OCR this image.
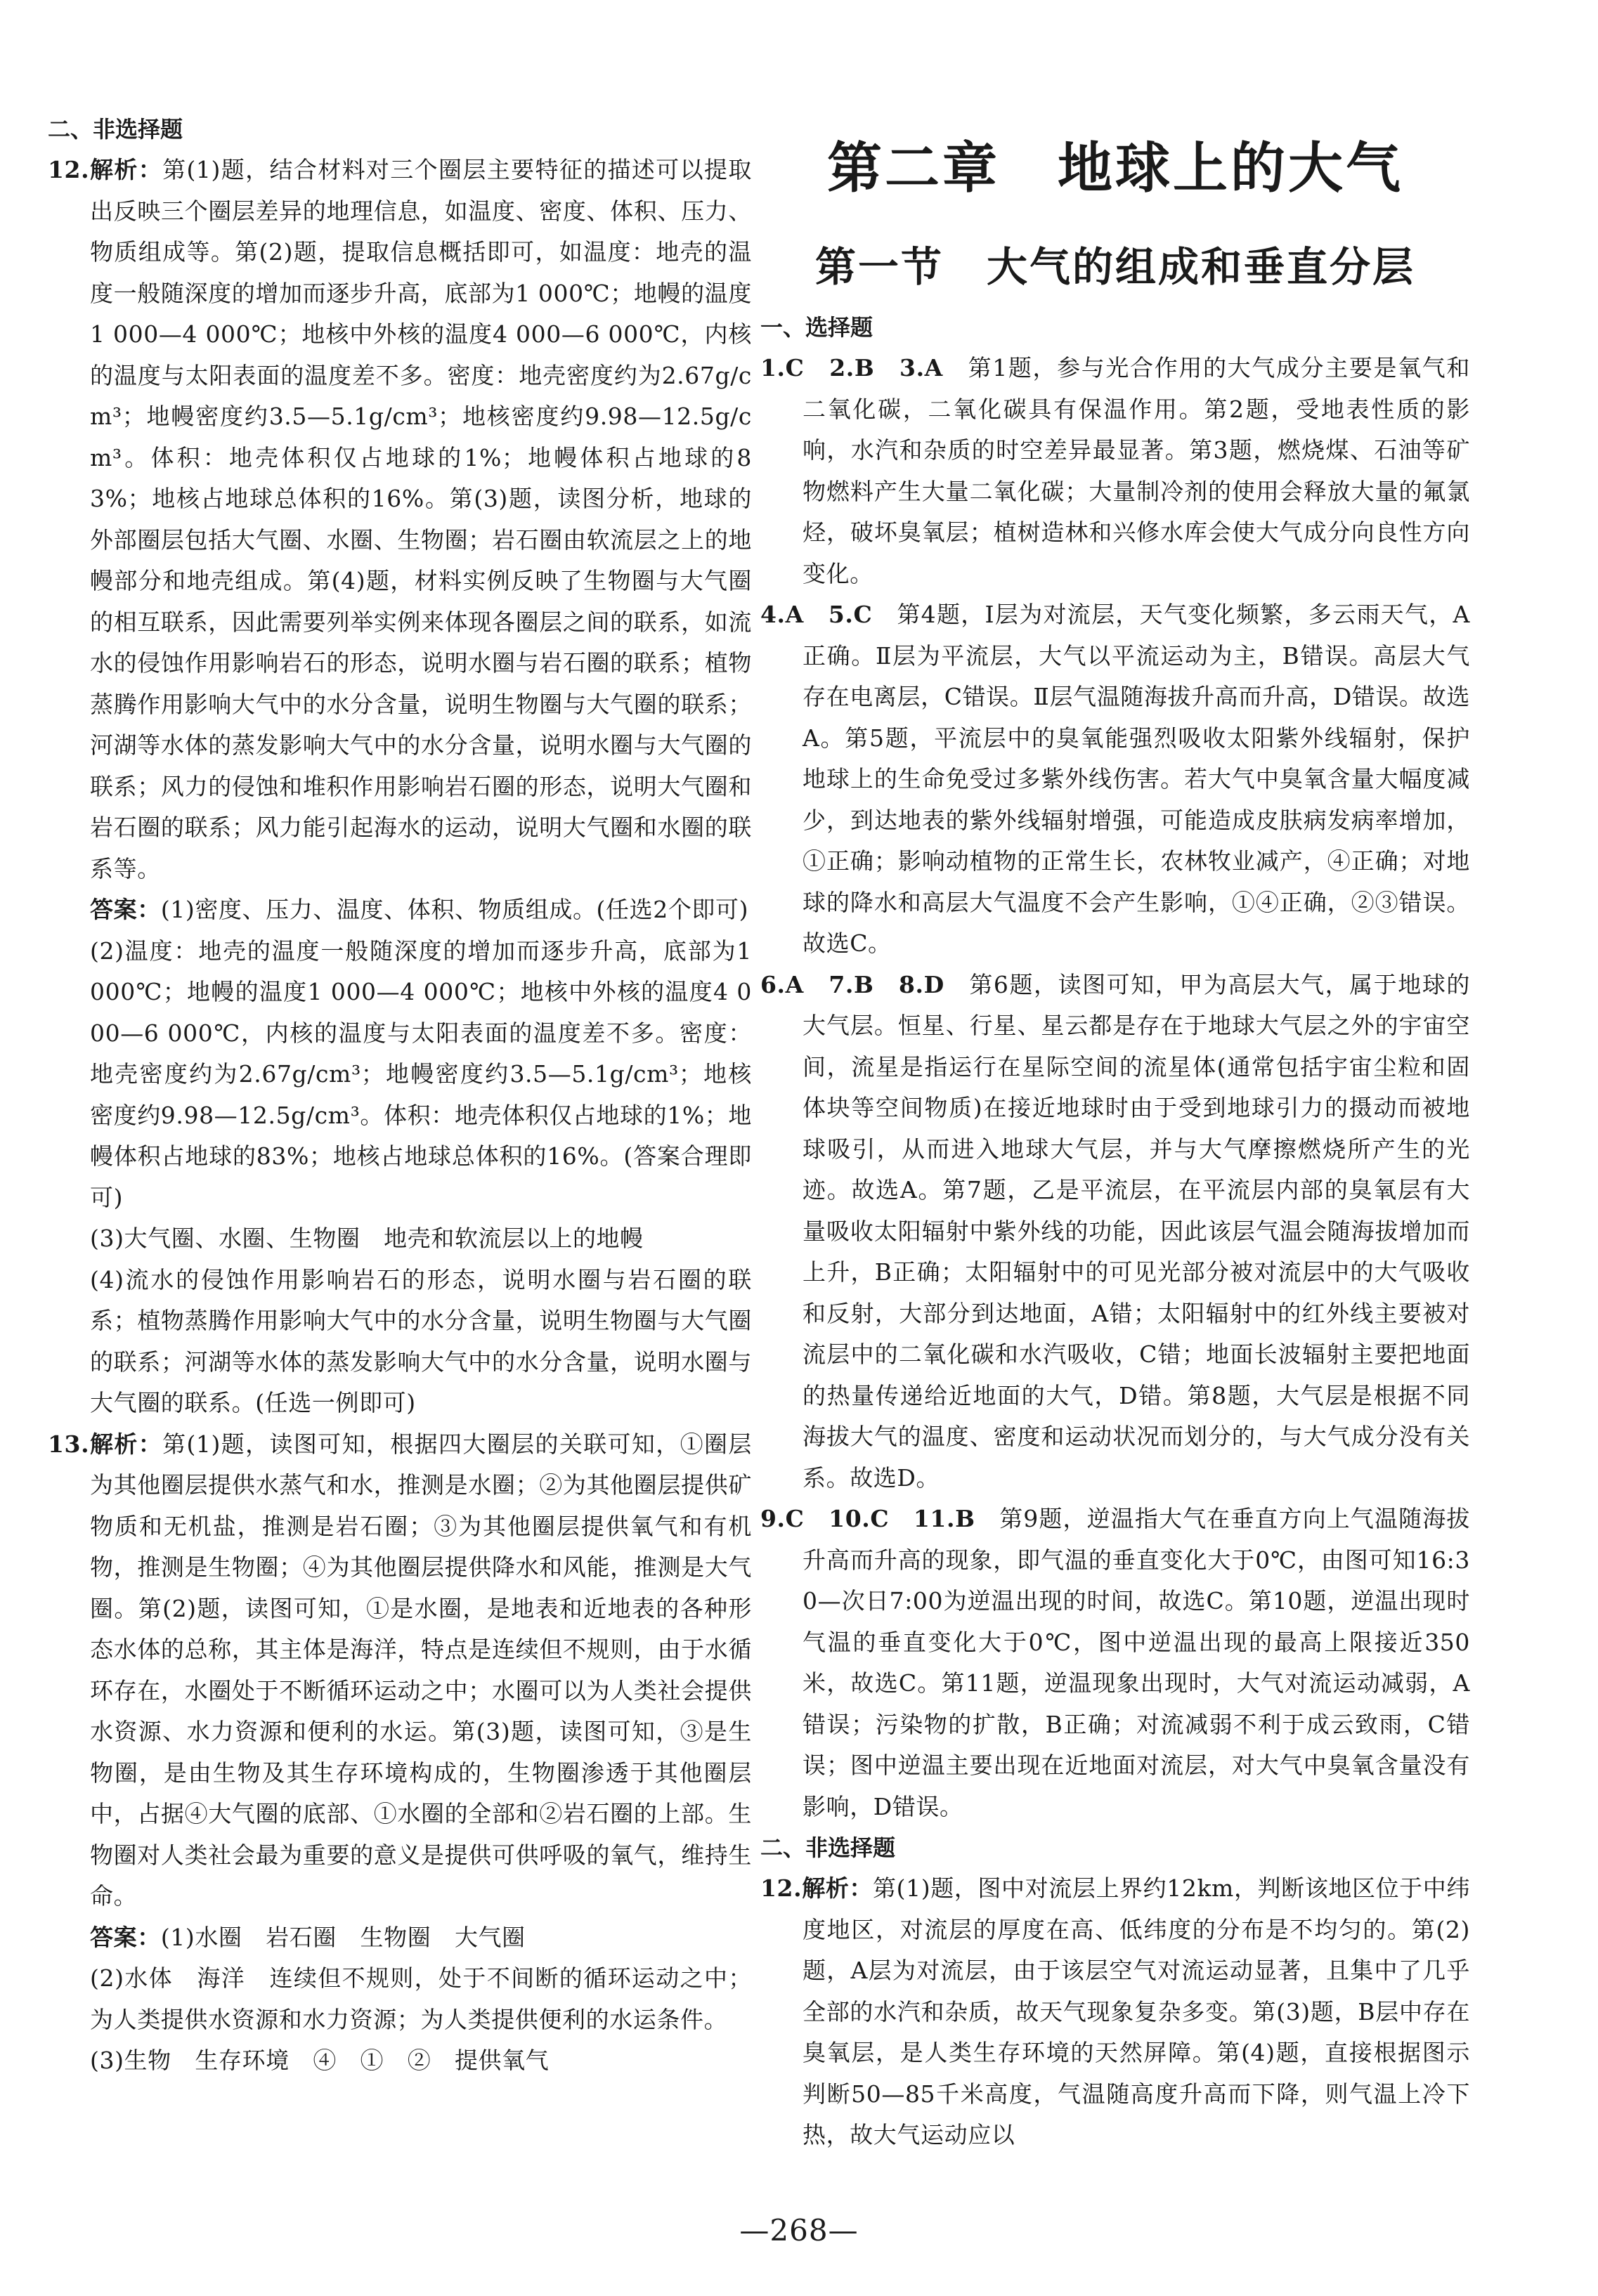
二、非选择题

12.解析：第(1)题，结合材料对三个圈层主要特征的描述可以提取出反映三个圈层差异的地理信息，如温度、密度、体积、压力、物质组成等。第(2)题，提取信息概括即可，如温度：地壳的温度一般随深度的增加而逐步升高，底部为1 000℃；地幔的温度1 000—4 000℃；地核中外核的温度4 000—6 000℃，内核的温度与太阳表面的温度差不多。密度：地壳密度约为2.67g/cm³；地幔密度约3.5—5.1g/cm³；地核密度约9.98—12.5g/cm³。体积：地壳体积仅占地球的1%；地幔体积占地球的83%；地核占地球总体积的16%。第(3)题，读图分析，地球的外部圈层包括大气圈、水圈、生物圈；岩石圈由软流层之上的地幔部分和地壳组成。第(4)题，材料实例反映了生物圈与大气圈的相互联系，因此需要列举实例来体现各圈层之间的联系，如流水的侵蚀作用影响岩石的形态，说明水圈与岩石圈的联系；植物蒸腾作用影响大气中的水分含量，说明生物圈与大气圈的联系；河湖等水体的蒸发影响大气中的水分含量，说明水圈与大气圈的联系；风力的侵蚀和堆积作用影响岩石圈的形态，说明大气圈和岩石圈的联系；风力能引起海水的运动，说明大气圈和水圈的联系等。

答案：(1)密度、压力、温度、体积、物质组成。(任选2个即可)

(2)温度：地壳的温度一般随深度的增加而逐步升高，底部为1 000℃；地幔的温度1 000—4 000℃；地核中外核的温度4 000—6 000℃，内核的温度与太阳表面的温度差不多。密度：地壳密度约为2.67g/cm³；地幔密度约3.5—5.1g/cm³；地核密度约9.98—12.5g/cm³。体积：地壳体积仅占地球的1%；地幔体积占地球的83%；地核占地球总体积的16%。(答案合理即可)

(3)大气圈、水圈、生物圈　地壳和软流层以上的地幔

(4)流水的侵蚀作用影响岩石的形态，说明水圈与岩石圈的联系；植物蒸腾作用影响大气中的水分含量，说明生物圈与大气圈的联系；河湖等水体的蒸发影响大气中的水分含量，说明水圈与大气圈的联系。(任选一例即可)

13.解析：第(1)题，读图可知，根据四大圈层的关联可知，①圈层为其他圈层提供水蒸气和水，推测是水圈；②为其他圈层提供矿物质和无机盐，推测是岩石圈；③为其他圈层提供氧气和有机物，推测是生物圈；④为其他圈层提供降水和风能，推测是大气圈。第(2)题，读图可知，①是水圈，是地表和近地表的各种形态水体的总称，其主体是海洋，特点是连续但不规则，由于水循环存在，水圈处于不断循环运动之中；水圈可以为人类社会提供水资源、水力资源和便利的水运。第(3)题，读图可知，③是生物圈，是由生物及其生存环境构成的，生物圈渗透于其他圈层中，占据④大气圈的底部、①水圈的全部和②岩石圈的上部。生物圈对人类社会最为重要的意义是提供可供呼吸的氧气，维持生命。

答案：(1)水圈　岩石圈　生物圈　大气圈

(2)水体　海洋　连续但不规则，处于不间断的循环运动之中；为人类提供水资源和水力资源；为人类提供便利的水运条件。

(3)生物　生存环境　④　①　②　提供氧气

第二章　地球上的大气
第一节　大气的组成和垂直分层

一、选择题

1.C　2.B　3.A　第1题，参与光合作用的大气成分主要是氧气和二氧化碳，二氧化碳具有保温作用。第2题，受地表性质的影响，水汽和杂质的时空差异最显著。第3题，燃烧煤、石油等矿物燃料产生大量二氧化碳；大量制冷剂的使用会释放大量的氟氯烃，破坏臭氧层；植树造林和兴修水库会使大气成分向良性方向变化。

4.A　5.C　第4题，Ⅰ层为对流层，天气变化频繁，多云雨天气，A正确。Ⅱ层为平流层，大气以平流运动为主，B错误。高层大气存在电离层，C错误。Ⅱ层气温随海拔升高而升高，D错误。故选A。第5题，平流层中的臭氧能强烈吸收太阳紫外线辐射，保护地球上的生命免受过多紫外线伤害。若大气中臭氧含量大幅度减少，到达地表的紫外线辐射增强，可能造成皮肤病发病率增加，①正确；影响动植物的正常生长，农林牧业减产，④正确；对地球的降水和高层大气温度不会产生影响，①④正确，②③错误。故选C。

6.A　7.B　8.D　第6题，读图可知，甲为高层大气，属于地球的大气层。恒星、行星、星云都是存在于地球大气层之外的宇宙空间，流星是指运行在星际空间的流星体(通常包括宇宙尘粒和固体块等空间物质)在接近地球时由于受到地球引力的摄动而被地球吸引，从而进入地球大气层，并与大气摩擦燃烧所产生的光迹。故选A。第7题，乙是平流层，在平流层内部的臭氧层有大量吸收太阳辐射中紫外线的功能，因此该层气温会随海拔增加而上升，B正确；太阳辐射中的可见光部分被对流层中的大气吸收和反射，大部分到达地面，A错；太阳辐射中的红外线主要被对流层中的二氧化碳和水汽吸收，C错；地面长波辐射主要把地面的热量传递给近地面的大气，D错。第8题，大气层是根据不同海拔大气的温度、密度和运动状况而划分的，与大气成分没有关系。故选D。

9.C　10.C　11.B　第9题，逆温指大气在垂直方向上气温随海拔升高而升高的现象，即气温的垂直变化大于0℃，由图可知16:30—次日7:00为逆温出现的时间，故选C。第10题，逆温出现时气温的垂直变化大于0℃，图中逆温出现的最高上限接近350米，故选C。第11题，逆温现象出现时，大气对流运动减弱，A错误；污染物的扩散，B正确；对流减弱不利于成云致雨，C错误；图中逆温主要出现在近地面对流层，对大气中臭氧含量没有影响，D错误。

二、非选择题

12.解析：第(1)题，图中对流层上界约12km，判断该地区位于中纬度地区，对流层的厚度在高、低纬度的分布是不均匀的。第(2)题，A层为对流层，由于该层空气对流运动显著，且集中了几乎全部的水汽和杂质，故天气现象复杂多变。第(3)题，B层中存在臭氧层，是人类生存环境的天然屏障。第(4)题，直接根据图示判断50—85千米高度，气温随高度升高而下降，则气温上冷下热，故大气运动应以

—268—
